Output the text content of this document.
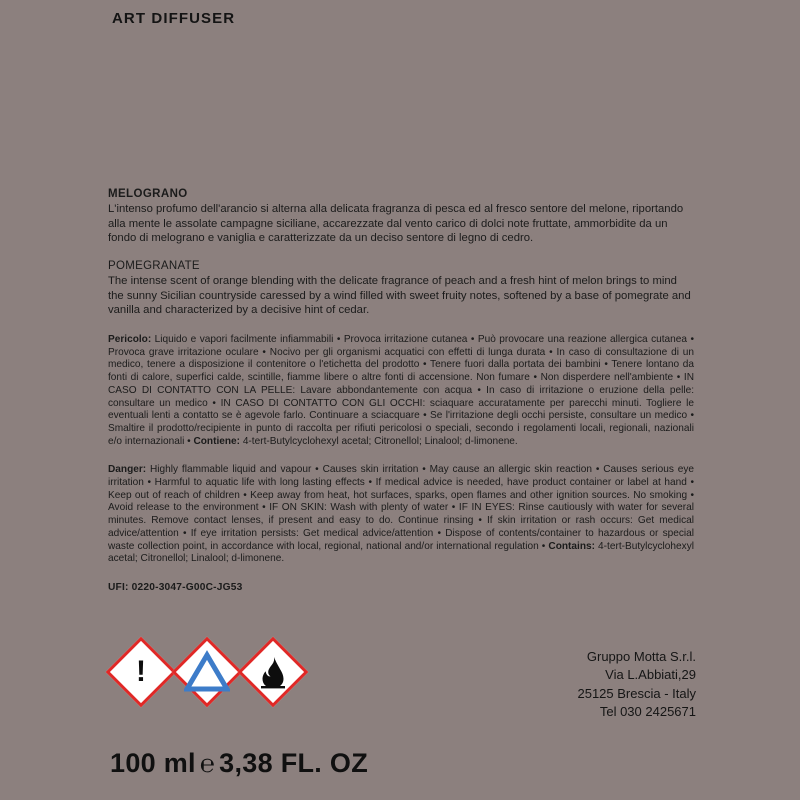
ART DIFFUSER
MELOGRANO

L'intenso profumo dell'arancio si alterna alla delicata fragranza di pesca ed al fresco sentore del melone, riportando alla mente le assolate campagne siciliane, accarezzate dal vento carico di dolci note fruttate, ammorbidite da un fondo di melograno e vaniglia e caratterizzate da un deciso sentore di legno di cedro.

POMEGRANATE

The intense scent of orange blending with the delicate fragrance of peach and a fresh hint of melon brings to mind the sunny Sicilian countryside caressed by a wind filled with sweet fruity notes, softened by a base of pomegrate and vanilla and characterized by a decisive hint of cedar.

Pericolo: Liquido e vapori facilmente infiammabili • Provoca irritazione cutanea • Può provocare una reazione allergica cutanea • Provoca grave irritazione oculare • Nocivo per gli organismi acquatici con effetti di lunga durata • In caso di consultazione di un medico, tenere a disposizione il contenitore o l'etichetta del prodotto • Tenere fuori dalla portata dei bambini • Tenere lontano da fonti di calore, superfici calde, scintille, fiamme libere o altre fonti di accensione. Non fumare • Non disperdere nell'ambiente • IN CASO DI CONTATTO CON LA PELLE: Lavare abbondantemente con acqua • In caso di irritazione o eruzione della pelle: consultare un medico • IN CASO DI CONTATTO CON GLI OCCHI: sciaquare accuratamente per parecchi minuti. Togliere le eventuali lenti a contatto se è agevole farlo. Continuare a sciacquare • Se l'irritazione degli occhi persiste, consultare un medico • Smaltire il prodotto/recipiente in punto di raccolta per rifiuti pericolosi o speciali, secondo i regolamenti locali, regionali, nazionali e/o internazionali • Contiene: 4-tert-Butylcyclohexyl acetal; Citronellol; Linalool; d-limonene.

Danger: Highly flammable liquid and vapour • Causes skin irritation • May cause an allergic skin reaction • Causes serious eye irritation • Harmful to aquatic life with long lasting effects • If medical advice is needed, have product container or label at hand • Keep out of reach of children • Keep away from heat, hot surfaces, sparks, open flames and other ignition sources. No smoking • Avoid release to the environment • IF ON SKIN: Wash with plenty of water • IF IN EYES: Rinse cautiously with water for several minutes. Remove contact lenses, if present and easy to do. Continue rinsing • If skin irritation or rash occurs: Get medical advice/attention • If eye irritation persists: Get medical advice/attention • Dispose of contents/container to hazardous or special waste collection point, in accordance with local, regional, national and/or international regulation • Contains: 4-tert-Butylcyclohexyl acetal; Citronellol; Linalool; d-limonene.

UFI: 0220-3047-G00C-JG53

!	Gruppo Motta S.r.l.
Via L.Abbiati,29
25125 Brescia - Italy
Tel 030 2425671
100 ml ℮ 3,38 FL. OZ
